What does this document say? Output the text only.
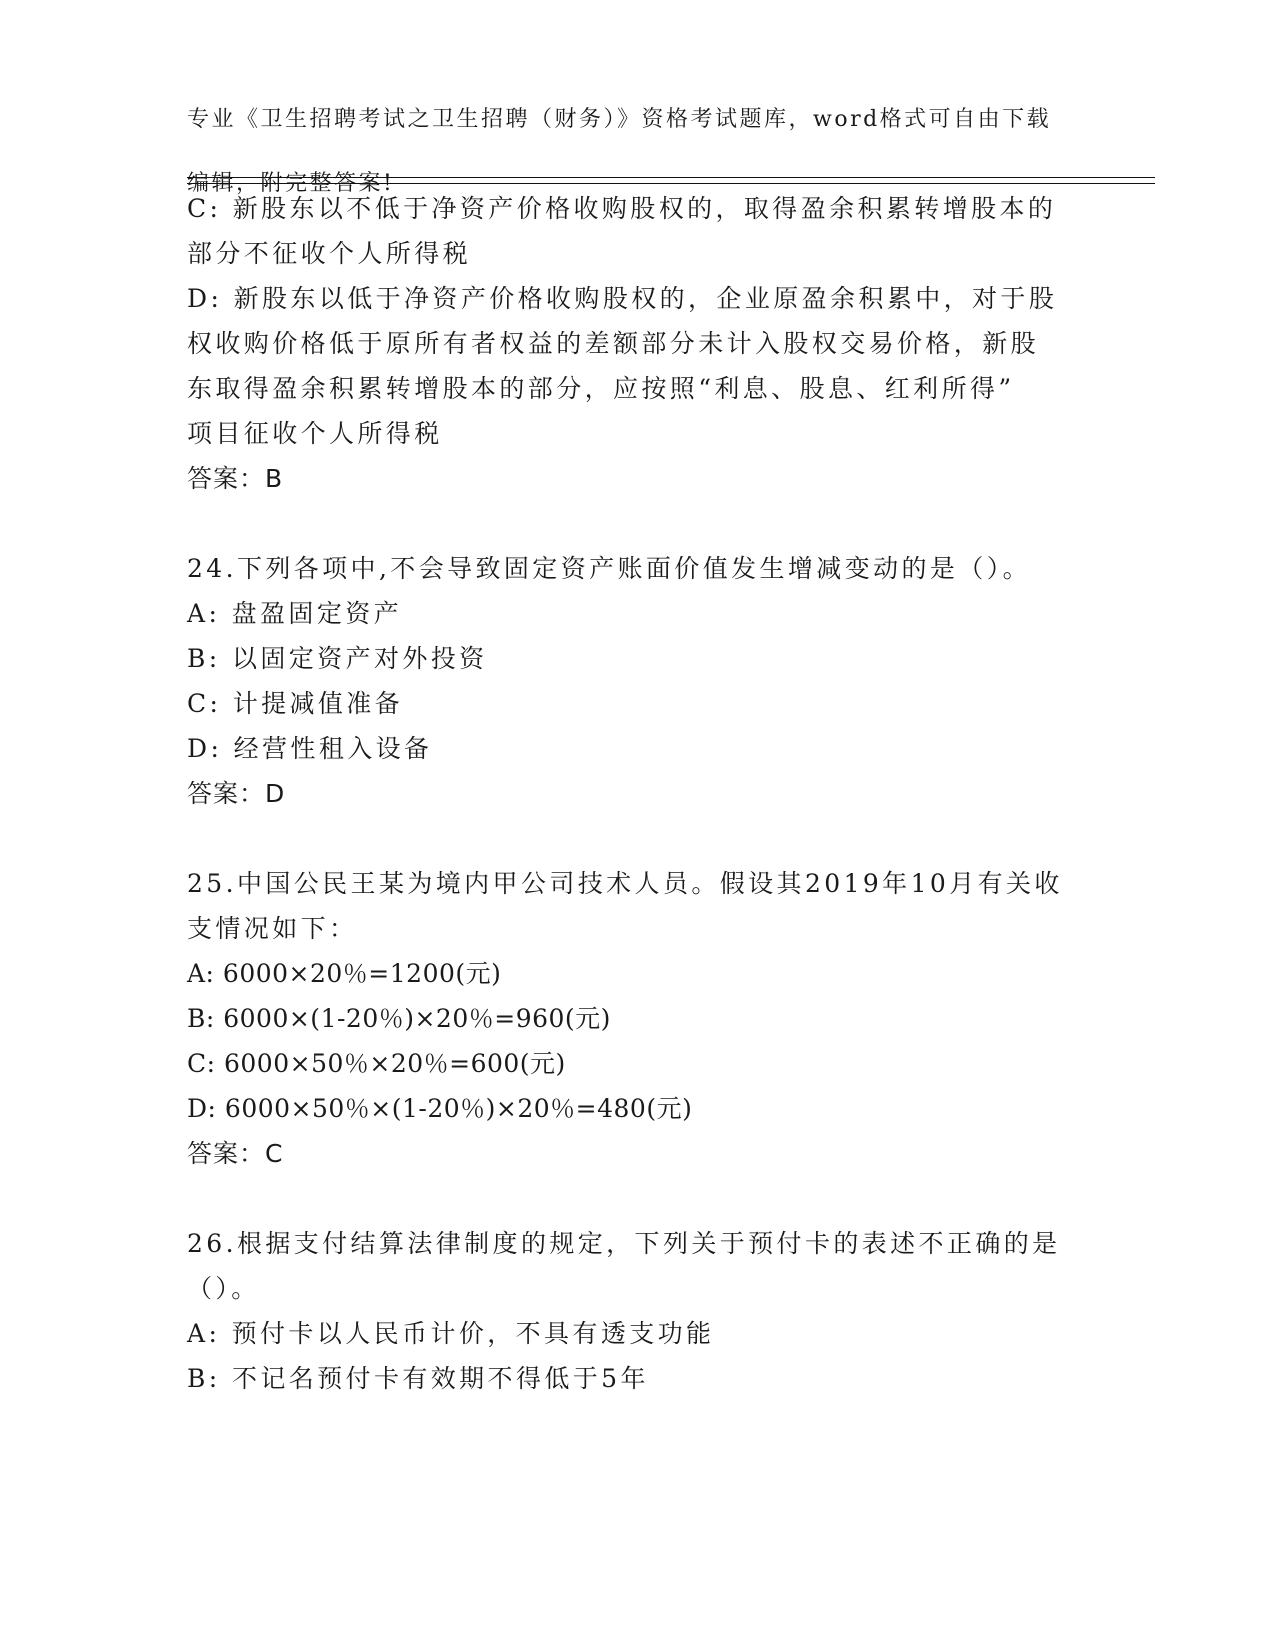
专业《卫生招聘考试之卫生招聘（财务）》资格考试题库，word格式可自由下载

编辑，附完整答案!

C: 新股东以不低于净资产价格收购股权的，取得盈余积累转增股本的
部分不征收个人所得税
D: 新股东以低于净资产价格收购股权的，企业原盈余积累中，对于股
权收购价格低于原所有者权益的差额部分未计入股权交易价格，新股
东取得盈余积累转增股本的部分，应按照“利息、股息、红利所得”
项目征收个人所得税
答案：B
24.下列各项中,不会导致固定资产账面价值发生增减变动的是（）。
A: 盘盈固定资产
B: 以固定资产对外投资
C: 计提减值准备
D: 经营性租入设备
答案：D
25.中国公民王某为境内甲公司技术人员。假设其2019年10月有关收
支情况如下：
A: 6000×20％=1200(元)
B: 6000×(1-20％)×20％=960(元)
C: 6000×50％×20％=600(元)
D: 6000×50％×(1-20％)×20％=480(元)
答案：C
26.根据支付结算法律制度的规定，下列关于预付卡的表述不正确的是
（）。
A: 预付卡以人民币计价，不具有透支功能
B: 不记名预付卡有效期不得低于5年
